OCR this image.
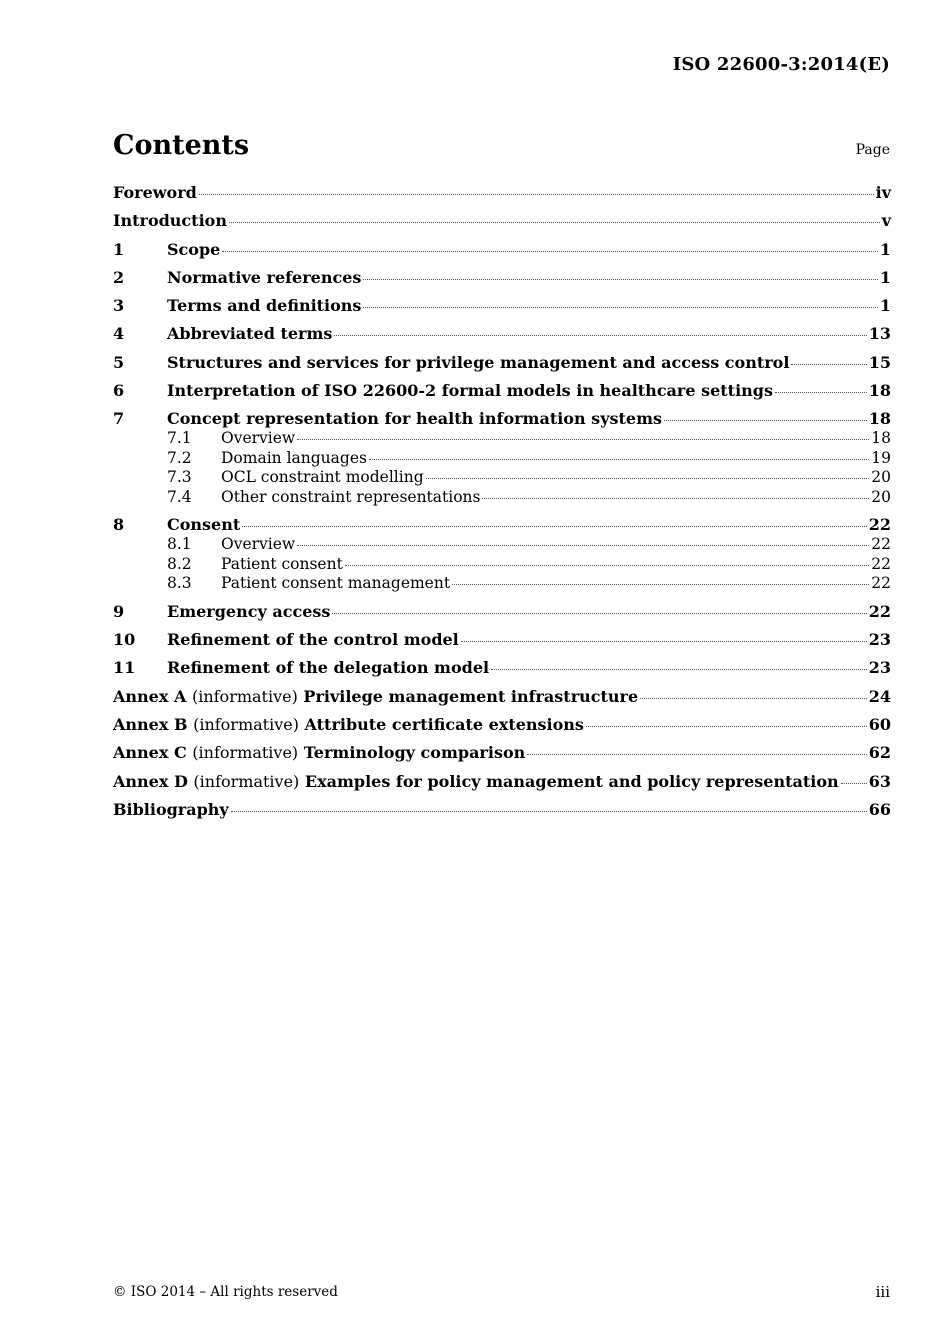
ISO 22600-3:2014(E)
Contents	Page
Foreword	iv
Introduction	v
1	Scope	1
2	Normative references	1
3	Terms and definitions	1
4	Abbreviated terms	13
5	Structures and services for privilege management and access control	15
6	Interpretation of ISO 22600-2 formal models in healthcare settings	18
7	Concept representation for health information systems	18
7.1	Overview	18
7.2	Domain languages	19
7.3	OCL constraint modelling	20
7.4	Other constraint representations	20
8	Consent	22
8.1	Overview	22
8.2	Patient consent	22
8.3	Patient consent management	22
9	Emergency access	22
10	Refinement of the control model	23
11	Refinement of the delegation model	23
Annex A (informative) Privilege management infrastructure	24
Annex B (informative) Attribute certificate extensions	60
Annex C (informative) Terminology comparison	62
Annex D (informative) Examples for policy management and policy representation 63
Bibliography	66
© ISO 2014 – All rights reserved	iii
